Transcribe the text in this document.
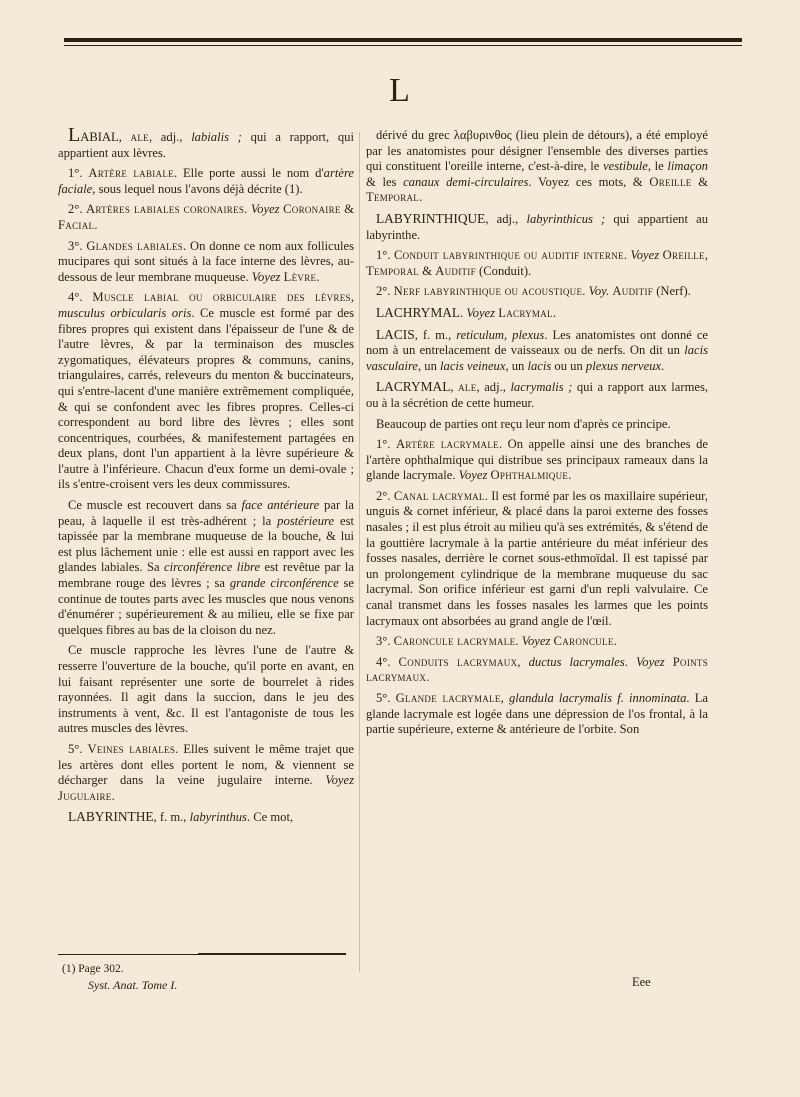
L

LABIAL, ale, adj., labialis ; qui a rapport, qui appartient aux lèvres.

1°. Artère labiale. Elle porte aussi le nom d'artère faciale, sous lequel nous l'avons déjà décrite (1).

2°. Artères labiales coronaires. Voyez Coronaire & Facial.

3°. Glandes labiales. On donne ce nom aux follicules mucipares qui sont situés à la face interne des lèvres, au-dessous de leur membrane muqueuse. Voyez Lèvre.

4°. Muscle labial ou orbiculaire des lèvres, musculus orbicularis oris. Ce muscle est formé par des fibres propres qui existent dans l'épaisseur de l'une & de l'autre lèvres, & par la terminaison des muscles zygomatiques, élévateurs propres & communs, canins, triangulaires, carrés, releveurs du menton & buccinateurs, qui s'entre-lacent d'une manière extrêmement compliquée, & qui se confondent avec les fibres propres. Celles-ci correspondent au bord libre des lèvres ; elles sont concentriques, courbées, & manifestement partagées en deux plans, dont l'un appartient à la lèvre supérieure & l'autre à l'inférieure. Chacun d'eux forme un demi-ovale ; ils s'entre-croisent vers les deux commissures.

Ce muscle est recouvert dans sa face antérieure par la peau, à laquelle il est très-adhérent ; la postérieure est tapissée par la membrane muqueuse de la bouche, & lui est plus lâchement unie : elle est aussi en rapport avec les glandes labiales. Sa circonférence libre est revêtue par la membrane rouge des lèvres ; sa grande circonférence se continue de toutes parts avec les muscles que nous venons d'énumérer ; supérieurement & au milieu, elle se fixe par quelques fibres au bas de la cloison du nez.

Ce muscle rapproche les lèvres l'une de l'autre & resserre l'ouverture de la bouche, qu'il porte en avant, en lui faisant représenter une sorte de bourrelet à rides rayonnées. Il agit dans la succion, dans le jeu des instruments à vent, &c. Il est l'antagoniste de tous les autres muscles des lèvres.

5°. Veines labiales. Elles suivent le même trajet que les artères dont elles portent le nom, & viennent se décharger dans la veine jugulaire interne. Voyez Jugulaire.

LABYRINTHE, f. m., labyrinthus. Ce mot,

dérivé du grec λαβυρινθος (lieu plein de détours), a été employé par les anatomistes pour désigner l'ensemble des diverses parties qui constituent l'oreille interne, c'est-à-dire, le vestibule, le limaçon & les canaux demi-circulaires. Voyez ces mots, & Oreille & Temporal.

LABYRINTHIQUE, adj., labyrinthicus ; qui appartient au labyrinthe.

1°. Conduit labyrinthique ou auditif interne. Voyez Oreille, Temporal & Auditif (Conduit).

2°. Nerf labyrinthique ou acoustique. Voy. Auditif (Nerf).

LACHRYMAL. Voyez Lacrymal.

LACIS, f. m., reticulum, plexus. Les anatomistes ont donné ce nom à un entrelacement de vaisseaux ou de nerfs. On dit un lacis vasculaire, un lacis veineux, un lacis ou un plexus nerveux.

LACRYMAL, ale, adj., lacrymalis ; qui a rapport aux larmes, ou à la sécrétion de cette humeur.

Beaucoup de parties ont reçu leur nom d'après ce principe.

1°. Artère lacrymale. On appelle ainsi une des branches de l'artère ophthalmique qui distribue ses principaux rameaux dans la glande lacrymale. Voyez Ophthalmique.

2°. Canal lacrymal. Il est formé par les os maxillaire supérieur, unguis & cornet inférieur, & placé dans la paroi externe des fosses nasales ; il est plus étroit au milieu qu'à ses extrémités, & s'étend de la gouttière lacrymale à la partie antérieure du méat inférieur des fosses nasales, derrière le cornet sous-ethmoïdal. Il est tapissé par un prolongement cylindrique de la membrane muqueuse du sac lacrymal. Son orifice inférieur est garni d'un repli valvulaire. Ce canal transmet dans les fosses nasales les larmes que les points lacrymaux ont absorbées au grand angle de l'œil.

3°. Caroncule lacrymale. Voyez Caroncule.

4°. Conduits lacrymaux, ductus lacrymales. Voyez Points lacrymaux.

5°. Glande lacrymale, glandula lacrymalis f. innominata. La glande lacrymale est logée dans une dépression de l'os frontal, à la partie supérieure, externe & antérieure de l'orbite. Son

(1) Page 302.
Syst. Anat. Tome I.	Eee
